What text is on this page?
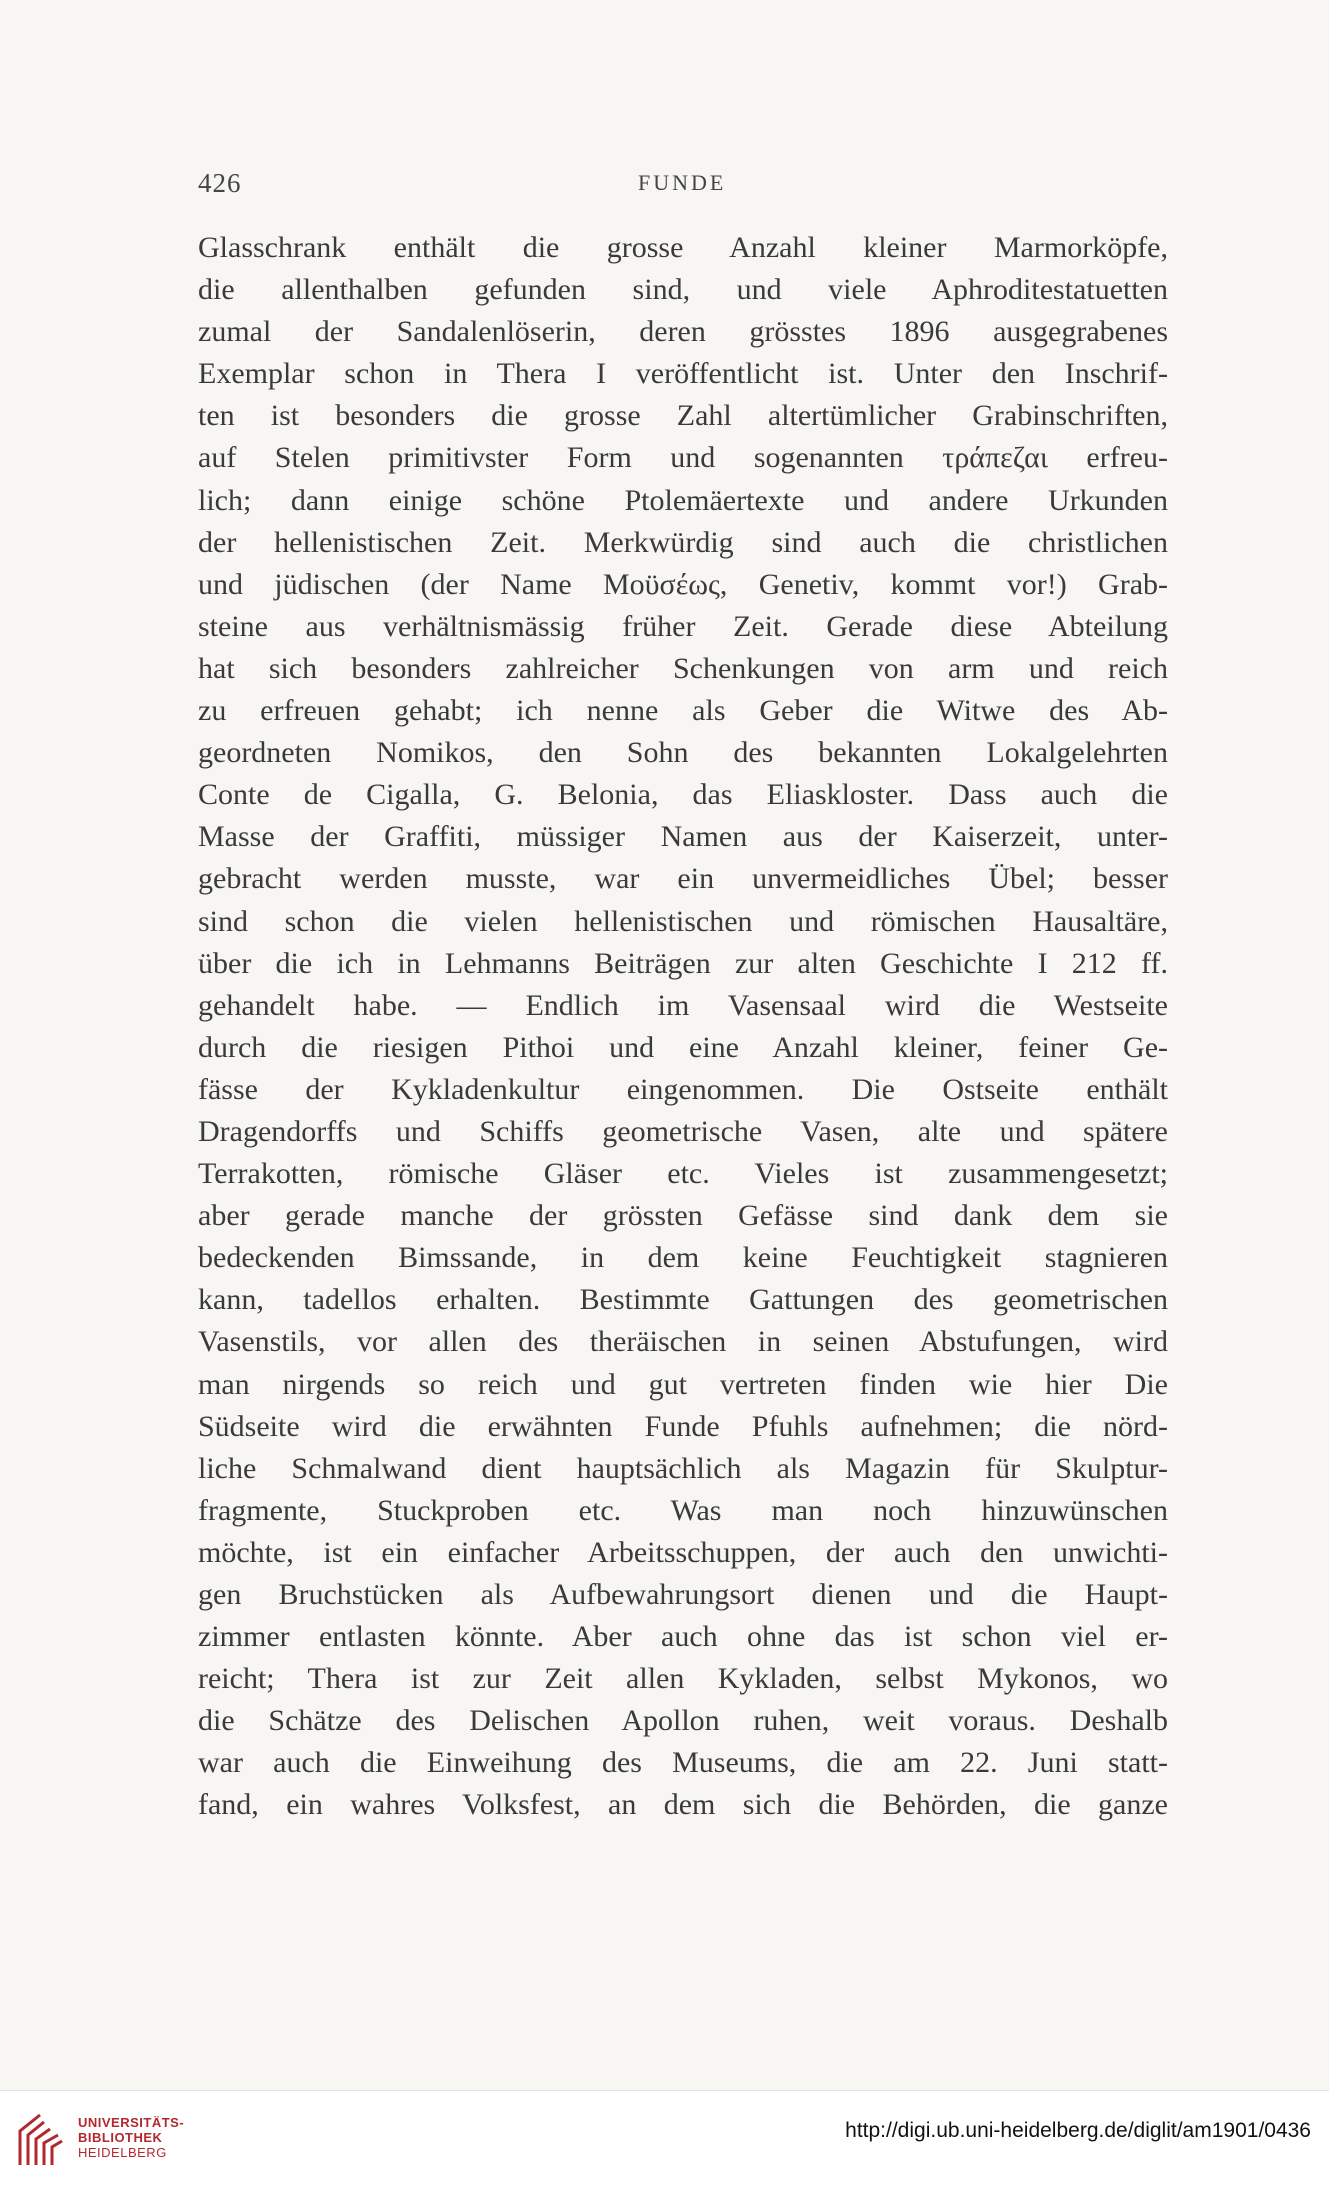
426	FUNDE
Glasschrank enthält die grosse Anzahl kleiner Marmorköpfe,
die allenthalben gefunden sind, und viele Aphroditestatuetten
zumal der Sandalenlöserin, deren grösstes 1896 ausgegrabenes
Exemplar schon in Thera I veröffentlicht ist. Unter den Inschrif-
ten ist besonders die grosse Zahl altertümlicher Grabinschriften,
auf Stelen primitivster Form und sogenannten τράπεζαι erfreu-
lich; dann einige schöne Ptolemäertexte und andere Urkunden
der hellenistischen Zeit. Merkwürdig sind auch die christlichen
und jüdischen (der Name Μοϋσέως, Genetiv, kommt vor!) Grab-
steine aus verhältnismässig früher Zeit. Gerade diese Abteilung
hat sich besonders zahlreicher Schenkungen von arm und reich
zu erfreuen gehabt; ich nenne als Geber die Witwe des Ab-
geordneten Nomikos, den Sohn des bekannten Lokalgelehrten
Conte de Cigalla, G. Belonia, das Eliaskloster. Dass auch die
Masse der Graffiti, müssiger Namen aus der Kaiserzeit, unter-
gebracht werden musste, war ein unvermeidliches Übel; besser
sind schon die vielen hellenistischen und römischen Hausaltäre,
über die ich in Lehmanns Beiträgen zur alten Geschichte I 212 ff.
gehandelt habe. — Endlich im Vasensaal wird die Westseite
durch die riesigen Pithoi und eine Anzahl kleiner, feiner Ge-
fässe der Kykladenkultur eingenommen. Die Ostseite enthält
Dragendorffs und Schiffs geometrische Vasen, alte und spätere
Terrakotten, römische Gläser etc. Vieles ist zusammengesetzt;
aber gerade manche der grössten Gefässe sind dank dem sie
bedeckenden Bimssande, in dem keine Feuchtigkeit stagnieren
kann, tadellos erhalten. Bestimmte Gattungen des geometrischen
Vasenstils, vor allen des theräischen in seinen Abstufungen, wird
man nirgends so reich und gut vertreten finden wie hier Die
Südseite wird die erwähnten Funde Pfuhls aufnehmen; die nörd-
liche Schmalwand dient hauptsächlich als Magazin für Skulptur-
fragmente, Stuckproben etc. Was man noch hinzuwünschen
möchte, ist ein einfacher Arbeitsschuppen, der auch den unwichti-
gen Bruchstücken als Aufbewahrungsort dienen und die Haupt-
zimmer entlasten könnte. Aber auch ohne das ist schon viel er-
reicht; Thera ist zur Zeit allen Kykladen, selbst Mykonos, wo
die Schätze des Delischen Apollon ruhen, weit voraus. Deshalb
war auch die Einweihung des Museums, die am 22. Juni statt-
fand, ein wahres Volksfest, an dem sich die Behörden, die ganze
UNIVERSITÄTS-
BIBLIOTHEK
HEIDELBERG
http://digi.ub.uni-heidelberg.de/diglit/am1901/0436
